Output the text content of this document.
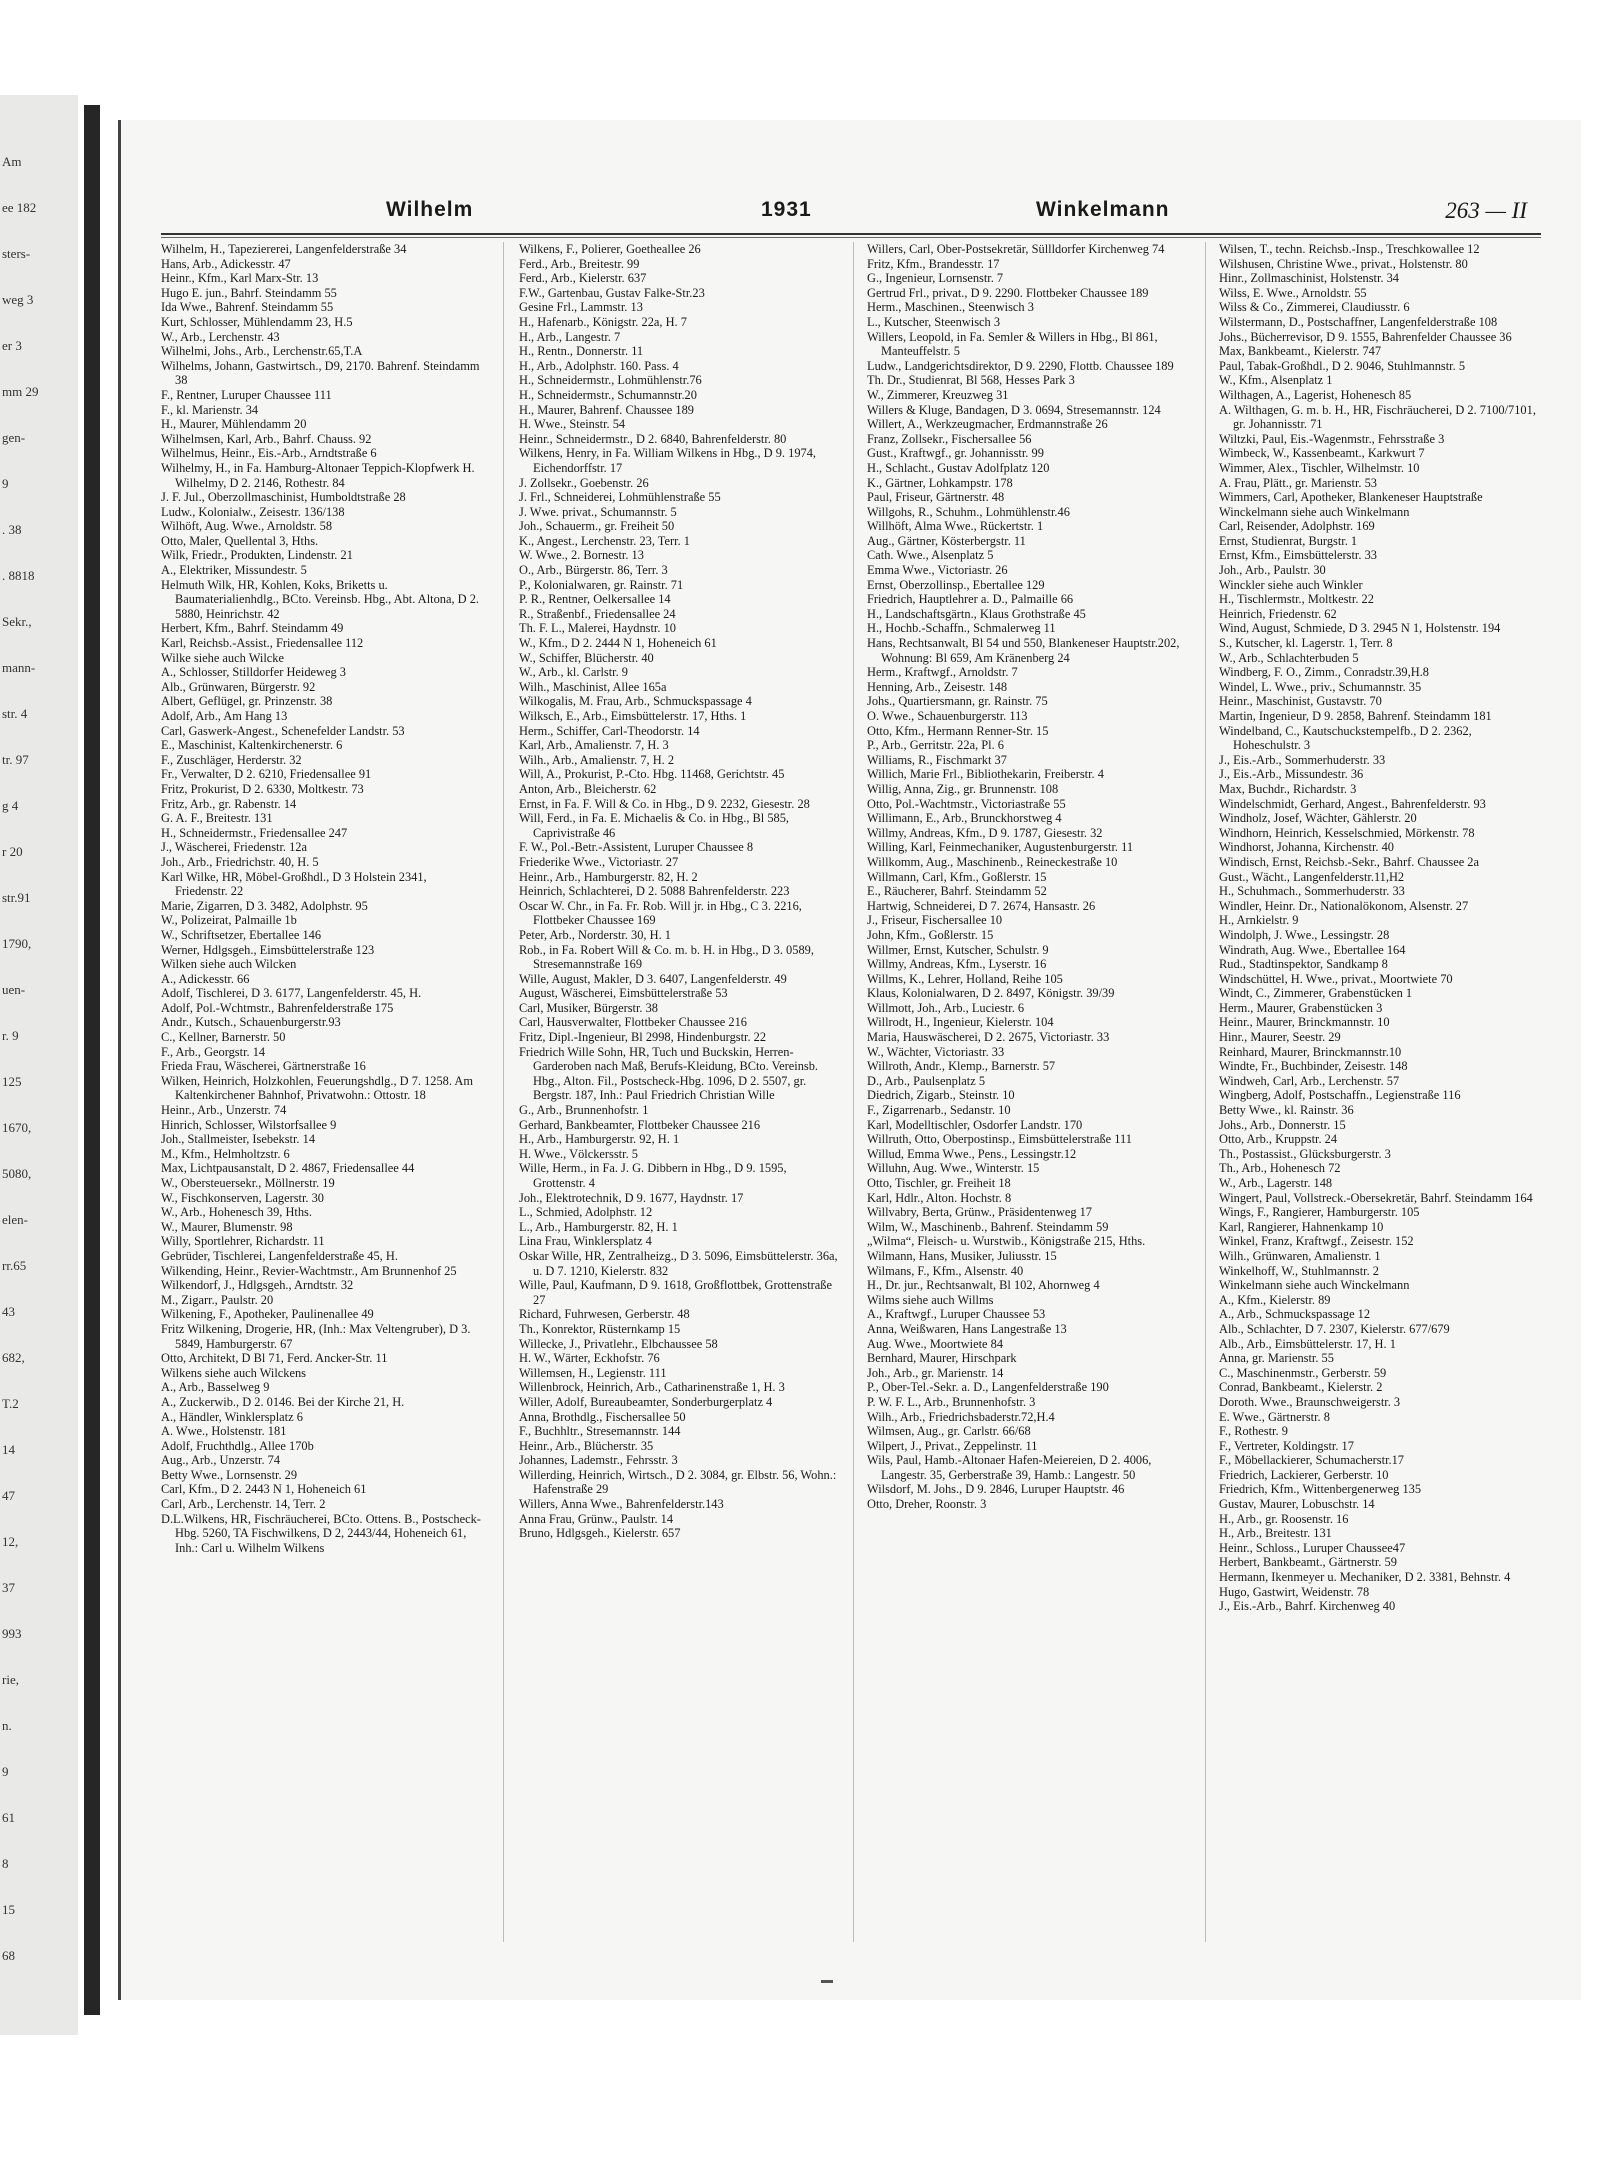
Am
ee 182
sters-
weg 3
er 3
mm 29
gen-
9
. 38
. 8818
Sekr.,
mann-
str. 4
tr. 97
g 4
r 20
str.91
1790,
uen-
r. 9
125
1670,
5080,
elen-
rr.65
43
682,
T.2
14
47
12,
37
993
rie,
n.
9
61
8
15
68
Wilhelm	1931	Winkelmann	263 — II

Wilhelm, H., Tapeziererei, Langenfelderstraße 34

Hans, Arb., Adickesstr. 47

Heinr., Kfm., Karl Marx-Str. 13

Hugo E. jun., Bahrf. Steindamm 55

Ida Wwe., Bahrenf. Steindamm 55

Kurt, Schlosser, Mühlendamm 23, H.5

W., Arb., Lerchenstr. 43

Wilhelmi, Johs., Arb., Lerchenstr.65,T.A

Wilhelms, Johann, Gastwirtsch., D9, 2170. Bahrenf. Steindamm 38

F., Rentner, Luruper Chaussee 111

F., kl. Marienstr. 34

H., Maurer, Mühlendamm 20

Wilhelmsen, Karl, Arb., Bahrf. Chauss. 92

Wilhelmus, Heinr., Eis.-Arb., Arndtstraße 6

Wilhelmy, H., in Fa. Hamburg-Altonaer Teppich-Klopfwerk H. Wilhelmy, D 2. 2146, Rothestr. 84

J. F. Jul., Oberzollmaschinist, Humboldtstraße 28

Ludw., Kolonialw., Zeisestr. 136/138

Wilhöft, Aug. Wwe., Arnoldstr. 58

Otto, Maler, Quellental 3, Hths.

Wilk, Friedr., Produkten, Lindenstr. 21

A., Elektriker, Missundestr. 5

Helmuth Wilk, HR, Kohlen, Koks, Briketts u. Baumaterialienhdlg., BCto. Vereinsb. Hbg., Abt. Altona, D 2. 5880, Heinrichstr. 42

Herbert, Kfm., Bahrf. Steindamm 49

Karl, Reichsb.-Assist., Friedensallee 112

Wilke siehe auch Wilcke

A., Schlosser, Stilldorfer Heideweg 3

Alb., Grünwaren, Bürgerstr. 92

Albert, Geflügel, gr. Prinzenstr. 38

Adolf, Arb., Am Hang 13

Carl, Gaswerk-Angest., Schenefelder Landstr. 53

E., Maschinist, Kaltenkirchenerstr. 6

F., Zuschläger, Herderstr. 32

Fr., Verwalter, D 2. 6210, Friedensallee 91

Fritz, Prokurist, D 2. 6330, Moltkestr. 73

Fritz, Arb., gr. Rabenstr. 14

G. A. F., Breitestr. 131

H., Schneidermstr., Friedensallee 247

J., Wäscherei, Friedenstr. 12a

Joh., Arb., Friedrichstr. 40, H. 5

Karl Wilke, HR, Möbel-Großhdl., D 3 Holstein 2341, Friedenstr. 22

Marie, Zigarren, D 3. 3482, Adolphstr. 95

W., Polizeirat, Palmaille 1b

W., Schriftsetzer, Ebertallee 146

Werner, Hdlgsgeh., Eimsbüttelerstraße 123

Wilken siehe auch Wilcken

A., Adickesstr. 66

Adolf, Tischlerei, D 3. 6177, Langenfelderstr. 45, H.

Adolf, Pol.-Wchtmstr., Bahrenfelderstraße 175

Andr., Kutsch., Schauenburgerstr.93

C., Kellner, Barnerstr. 50

F., Arb., Georgstr. 14

Frieda Frau, Wäscherei, Gärtnerstraße 16

Wilken, Heinrich, Holzkohlen, Feuerungshdlg., D 7. 1258. Am Kaltenkirchener Bahnhof, Privatwohn.: Ottostr. 18

Heinr., Arb., Unzerstr. 74

Hinrich, Schlosser, Wilstorfsallee 9

Joh., Stallmeister, Isebekstr. 14

M., Kfm., Helmholtzstr. 6

Max, Lichtpausanstalt, D 2. 4867, Friedensallee 44

W., Obersteuersekr., Möllnerstr. 19

W., Fischkonserven, Lagerstr. 30

W., Arb., Hohenesch 39, Hths.

W., Maurer, Blumenstr. 98

Willy, Sportlehrer, Richardstr. 11

Gebrüder, Tischlerei, Langenfelderstraße 45, H.

Wilkending, Heinr., Revier-Wachtmstr., Am Brunnenhof 25

Wilkendorf, J., Hdlgsgeh., Arndtstr. 32

M., Zigarr., Paulstr. 20

Wilkening, F., Apotheker, Paulinenallee 49

Fritz Wilkening, Drogerie, HR, (Inh.: Max Veltengruber), D 3. 5849, Hamburgerstr. 67

Otto, Architekt, D Bl 71, Ferd. Ancker-Str. 11

Wilkens siehe auch Wilckens

A., Arb., Basselweg 9

A., Zuckerwib., D 2. 0146. Bei der Kirche 21, H.

A., Händler, Winklersplatz 6

A. Wwe., Holstenstr. 181

Adolf, Fruchthdlg., Allee 170b

Aug., Arb., Unzerstr. 74

Betty Wwe., Lornsenstr. 29

Carl, Kfm., D 2. 2443 N 1, Hoheneich 61

Carl, Arb., Lerchenstr. 14, Terr. 2

D.L.Wilkens, HR, Fischräucherei, BCto. Ottens. B., Postscheck-Hbg. 5260, TA Fischwilkens, D 2, 2443/44, Hoheneich 61, Inh.: Carl u. Wilhelm Wilkens

Wilkens, F., Polierer, Goetheallee 26

Ferd., Arb., Breitestr. 99

Ferd., Arb., Kielerstr. 637

F.W., Gartenbau, Gustav Falke-Str.23

Gesine Frl., Lammstr. 13

H., Hafenarb., Königstr. 22a, H. 7

H., Arb., Langestr. 7

H., Rentn., Donnerstr. 11

H., Arb., Adolphstr. 160. Pass. 4

H., Schneidermstr., Lohmühlenstr.76

H., Schneidermstr., Schumannstr.20

H., Maurer, Bahrenf. Chaussee 189

H. Wwe., Steinstr. 54

Heinr., Schneidermstr., D 2. 6840, Bahrenfelderstr. 80

Wilkens, Henry, in Fa. William Wilkens in Hbg., D 9. 1974, Eichendorffstr. 17

J. Zollsekr., Goebenstr. 26

J. Frl., Schneiderei, Lohmühlenstraße 55

J. Wwe. privat., Schumannstr. 5

Joh., Schauerm., gr. Freiheit 50

K., Angest., Lerchenstr. 23, Terr. 1

W. Wwe., 2. Bornestr. 13

O., Arb., Bürgerstr. 86, Terr. 3

P., Kolonialwaren, gr. Rainstr. 71

P. R., Rentner, Oelkersallee 14

R., Straßenbf., Friedensallee 24

Th. F. L., Malerei, Haydnstr. 10

W., Kfm., D 2. 2444 N 1, Hoheneich 61

W., Schiffer, Blücherstr. 40

W., Arb., kl. Carlstr. 9

Wilh., Maschinist, Allee 165a

Wilkogalis, M. Frau, Arb., Schmuckspassage 4

Wilksch, E., Arb., Eimsbüttelerstr. 17, Hths. 1

Herm., Schiffer, Carl-Theodorstr. 14

Karl, Arb., Amalienstr. 7, H. 3

Wilh., Arb., Amalienstr. 7, H. 2

Will, A., Prokurist, P.-Cto. Hbg. 11468, Gerichtstr. 45

Anton, Arb., Bleicherstr. 62

Ernst, in Fa. F. Will & Co. in Hbg., D 9. 2232, Giesestr. 28

Will, Ferd., in Fa. E. Michaelis & Co. in Hbg., Bl 585, Caprivistraße 46

F. W., Pol.-Betr.-Assistent, Luruper Chaussee 8

Friederike Wwe., Victoriastr. 27

Heinr., Arb., Hamburgerstr. 82, H. 2

Heinrich, Schlachterei, D 2. 5088 Bahrenfelderstr. 223

Oscar W. Chr., in Fa. Fr. Rob. Will jr. in Hbg., C 3. 2216, Flottbeker Chaussee 169

Peter, Arb., Norderstr. 30, H. 1

Rob., in Fa. Robert Will & Co. m. b. H. in Hbg., D 3. 0589, Stresemannstraße 169

Wille, August, Makler, D 3. 6407, Langenfelderstr. 49

August, Wäscherei, Eimsbüttelerstraße 53

Carl, Musiker, Bürgerstr. 38

Carl, Hausverwalter, Flottbeker Chaussee 216

Fritz, Dipl.-Ingenieur, Bl 2998, Hindenburgstr. 22

Friedrich Wille Sohn, HR, Tuch und Buckskin, Herren-Garderoben nach Maß, Berufs-Kleidung, BCto. Vereinsb. Hbg., Alton. Fil., Postscheck-Hbg. 1096, D 2. 5507, gr. Bergstr. 187, Inh.: Paul Friedrich Christian Wille

G., Arb., Brunnenhofstr. 1

Gerhard, Bankbeamter, Flottbeker Chaussee 216

H., Arb., Hamburgerstr. 92, H. 1

H. Wwe., Völckersstr. 5

Wille, Herm., in Fa. J. G. Dibbern in Hbg., D 9. 1595, Grottenstr. 4

Joh., Elektrotechnik, D 9. 1677, Haydnstr. 17

L., Schmied, Adolphstr. 12

L., Arb., Hamburgerstr. 82, H. 1

Lina Frau, Winklersplatz 4

Oskar Wille, HR, Zentralheizg., D 3. 5096, Eimsbüttelerstr. 36a, u. D 7. 1210, Kielerstr. 832

Wille, Paul, Kaufmann, D 9. 1618, Großflottbek, Grottenstraße 27

Richard, Fuhrwesen, Gerberstr. 48

Th., Konrektor, Rüsternkamp 15

Willecke, J., Privatlehr., Elbchaussee 58

H. W., Wärter, Eckhofstr. 76

Willemsen, H., Legienstr. 111

Willenbrock, Heinrich, Arb., Catharinenstraße 1, H. 3

Willer, Adolf, Bureaubeamter, Sonderburgerplatz 4

Anna, Brothdlg., Fischersallee 50

F., Buchhltr., Stresemannstr. 144

Heinr., Arb., Blücherstr. 35

Johannes, Lademstr., Fehrsstr. 3

Willerding, Heinrich, Wirtsch., D 2. 3084, gr. Elbstr. 56, Wohn.: Hafenstraße 29

Willers, Anna Wwe., Bahrenfelderstr.143

Anna Frau, Grünw., Paulstr. 14

Bruno, Hdlgsgeh., Kielerstr. 657

Willers, Carl, Ober-Postsekretär, Süllldorfer Kirchenweg 74

Fritz, Kfm., Brandesstr. 17

G., Ingenieur, Lornsenstr. 7

Gertrud Frl., privat., D 9. 2290. Flottbeker Chaussee 189

Herm., Maschinen., Steenwisch 3

L., Kutscher, Steenwisch 3

Willers, Leopold, in Fa. Semler & Willers in Hbg., Bl 861, Manteuffelstr. 5

Ludw., Landgerichtsdirektor, D 9. 2290, Flottb. Chaussee 189

Th. Dr., Studienrat, Bl 568, Hesses Park 3

W., Zimmerer, Kreuzweg 31

Willers & Kluge, Bandagen, D 3. 0694, Stresemannstr. 124

Willert, A., Werkzeugmacher, Erdmannstraße 26

Franz, Zollsekr., Fischersallee 56

Gust., Kraftwgf., gr. Johannisstr. 99

H., Schlacht., Gustav Adolfplatz 120

K., Gärtner, Lohkampstr. 178

Paul, Friseur, Gärtnerstr. 48

Willgohs, R., Schuhm., Lohmühlenstr.46

Willhöft, Alma Wwe., Rückertstr. 1

Aug., Gärtner, Kösterbergstr. 11

Cath. Wwe., Alsenplatz 5

Emma Wwe., Victoriastr. 26

Ernst, Oberzollinsp., Ebertallee 129

Friedrich, Hauptlehrer a. D., Palmaille 66

H., Landschaftsgärtn., Klaus Grothstraße 45

H., Hochb.-Schaffn., Schmalerweg 11

Hans, Rechtsanwalt, Bl 54 und 550, Blankeneser Hauptstr.202, Wohnung: Bl 659, Am Kränenberg 24

Herm., Kraftwgf., Arnoldstr. 7

Henning, Arb., Zeisestr. 148

Johs., Quartiersmann, gr. Rainstr. 75

O. Wwe., Schauenburgerstr. 113

Otto, Kfm., Hermann Renner-Str. 15

P., Arb., Gerritstr. 22a, Pl. 6

Williams, R., Fischmarkt 37

Willich, Marie Frl., Bibliothekarin, Freiberstr. 4

Willig, Anna, Zig., gr. Brunnenstr. 108

Otto, Pol.-Wachtmstr., Victoriastraße 55

Willimann, E., Arb., Brunckhorstweg 4

Willmy, Andreas, Kfm., D 9. 1787, Giesestr. 32

Willing, Karl, Feinmechaniker, Augustenburgerstr. 11

Willkomm, Aug., Maschinenb., Reineckestraße 10

Willmann, Carl, Kfm., Goßlerstr. 15

E., Räucherer, Bahrf. Steindamm 52

Hartwig, Schneiderei, D 7. 2674, Hansastr. 26

J., Friseur, Fischersallee 10

John, Kfm., Goßlerstr. 15

Willmer, Ernst, Kutscher, Schulstr. 9

Willmy, Andreas, Kfm., Lyserstr. 16

Willms, K., Lehrer, Holland, Reihe 105

Klaus, Kolonialwaren, D 2. 8497, Königstr. 39/39

Willmott, Joh., Arb., Luciestr. 6

Willrodt, H., Ingenieur, Kielerstr. 104

Maria, Hauswäscherei, D 2. 2675, Victoriastr. 33

W., Wächter, Victoriastr. 33

Willroth, Andr., Klemp., Barnerstr. 57

D., Arb., Paulsenplatz 5

Diedrich, Zigarb., Steinstr. 10

F., Zigarrenarb., Sedanstr. 10

Karl, Modelltischler, Osdorfer Landstr. 170

Willruth, Otto, Oberpostinsp., Eimsbüttelerstraße 111

Willud, Emma Wwe., Pens., Lessingstr.12

Willuhn, Aug. Wwe., Winterstr. 15

Otto, Tischler, gr. Freiheit 18

Karl, Hdlr., Alton. Hochstr. 8

Willvabry, Berta, Grünw., Präsidentenweg 17

Wilm, W., Maschinenb., Bahrenf. Steindamm 59

„Wilma“, Fleisch- u. Wurstwib., Königstraße 215, Hths.

Wilmann, Hans, Musiker, Juliusstr. 15

Wilmans, F., Kfm., Alsenstr. 40

H., Dr. jur., Rechtsanwalt, Bl 102, Ahornweg 4

Wilms siehe auch Willms

A., Kraftwgf., Luruper Chaussee 53

Anna, Weißwaren, Hans Langestraße 13

Aug. Wwe., Moortwiete 84

Bernhard, Maurer, Hirschpark

Joh., Arb., gr. Marienstr. 14

P., Ober-Tel.-Sekr. a. D., Langenfelderstraße 190

P. W. F. L., Arb., Brunnenhofstr. 3

Wilh., Arb., Friedrichsbaderstr.72,H.4

Wilmsen, Aug., gr. Carlstr. 66/68

Wilpert, J., Privat., Zeppelinstr. 11

Wils, Paul, Hamb.-Altonaer Hafen-Meiereien, D 2. 4006, Langestr. 35, Gerberstraße 39, Hamb.: Langestr. 50

Wilsdorf, M. Johs., D 9. 2846, Luruper Hauptstr. 46

Otto, Dreher, Roonstr. 3

Wilsen, T., techn. Reichsb.-Insp., Treschkowallee 12

Wilshusen, Christine Wwe., privat., Holstenstr. 80

Hinr., Zollmaschinist, Holstenstr. 34

Wilss, E. Wwe., Arnoldstr. 55

Wilss & Co., Zimmerei, Claudiusstr. 6

Wilstermann, D., Postschaffner, Langenfelderstraße 108

Johs., Bücherrevisor, D 9. 1555, Bahrenfelder Chaussee 36

Max, Bankbeamt., Kielerstr. 747

Paul, Tabak-Großhdl., D 2. 9046, Stuhlmannstr. 5

W., Kfm., Alsenplatz 1

Wilthagen, A., Lagerist, Hohenesch 85

A. Wilthagen, G. m. b. H., HR, Fischräucherei, D 2. 7100/7101, gr. Johannisstr. 71

Wiltzki, Paul, Eis.-Wagenmstr., Fehrsstraße 3

Wimbeck, W., Kassenbeamt., Karkwurt 7

Wimmer, Alex., Tischler, Wilhelmstr. 10

A. Frau, Plätt., gr. Marienstr. 53

Wimmers, Carl, Apotheker, Blankeneser Hauptstraße

Winckelmann siehe auch Winkelmann

Carl, Reisender, Adolphstr. 169

Ernst, Studienrat, Burgstr. 1

Ernst, Kfm., Eimsbüttelerstr. 33

Joh., Arb., Paulstr. 30

Winckler siehe auch Winkler

H., Tischlermstr., Moltkestr. 22

Heinrich, Friedenstr. 62

Wind, August, Schmiede, D 3. 2945 N 1, Holstenstr. 194

S., Kutscher, kl. Lagerstr. 1, Terr. 8

W., Arb., Schlachterbuden 5

Windberg, F. O., Zimm., Conradstr.39,H.8

Windel, L. Wwe., priv., Schumannstr. 35

Heinr., Maschinist, Gustavstr. 70

Martin, Ingenieur, D 9. 2858, Bahrenf. Steindamm 181

Windelband, C., Kautschuckstempelfb., D 2. 2362, Hoheschulstr. 3

J., Eis.-Arb., Sommerhuderstr. 33

J., Eis.-Arb., Missundestr. 36

Max, Buchdr., Richardstr. 3

Windelschmidt, Gerhard, Angest., Bahrenfelderstr. 93

Windholz, Josef, Wächter, Gählerstr. 20

Windhorn, Heinrich, Kesselschmied, Mörkenstr. 78

Windhorst, Johanna, Kirchenstr. 40

Windisch, Ernst, Reichsb.-Sekr., Bahrf. Chaussee 2a

Gust., Wächt., Langenfelderstr.11,H2

H., Schuhmach., Sommerhuderstr. 33

Windler, Heinr. Dr., Nationalökonom, Alsenstr. 27

H., Arnkielstr. 9

Windolph, J. Wwe., Lessingstr. 28

Windrath, Aug. Wwe., Ebertallee 164

Rud., Stadtinspektor, Sandkamp 8

Windschüttel, H. Wwe., privat., Moortwiete 70

Windt, C., Zimmerer, Grabenstücken 1

Herm., Maurer, Grabenstücken 3

Heinr., Maurer, Brinckmannstr. 10

Hinr., Maurer, Seestr. 29

Reinhard, Maurer, Brinckmannstr.10

Windte, Fr., Buchbinder, Zeisestr. 148

Windweh, Carl, Arb., Lerchenstr. 57

Wingberg, Adolf, Postschaffn., Legienstraße 116

Betty Wwe., kl. Rainstr. 36

Johs., Arb., Donnerstr. 15

Otto, Arb., Kruppstr. 24

Th., Postassist., Glücksburgerstr. 3

Th., Arb., Hohenesch 72

W., Arb., Lagerstr. 148

Wingert, Paul, Vollstreck.-Obersekretär, Bahrf. Steindamm 164

Wings, F., Rangierer, Hamburgerstr. 105

Karl, Rangierer, Hahnenkamp 10

Winkel, Franz, Kraftwgf., Zeisestr. 152

Wilh., Grünwaren, Amalienstr. 1

Winkelhoff, W., Stuhlmannstr. 2

Winkelmann siehe auch Winckelmann

A., Kfm., Kielerstr. 89

A., Arb., Schmuckspassage 12

Alb., Schlachter, D 7. 2307, Kielerstr. 677/679

Alb., Arb., Eimsbüttelerstr. 17, H. 1

Anna, gr. Marienstr. 55

C., Maschinenmstr., Gerberstr. 59

Conrad, Bankbeamt., Kielerstr. 2

Doroth. Wwe., Braunschweigerstr. 3

E. Wwe., Gärtnerstr. 8

F., Rothestr. 9

F., Vertreter, Koldingstr. 17

F., Möbellackierer, Schumacherstr.17

Friedrich, Lackierer, Gerberstr. 10

Friedrich, Kfm., Wittenbergenerweg 135

Gustav, Maurer, Lobuschstr. 14

H., Arb., gr. Roosenstr. 16

H., Arb., Breitestr. 131

Heinr., Schloss., Luruper Chaussee47

Herbert, Bankbeamt., Gärtnerstr. 59

Hermann, Ikenmeyer u. Mechaniker, D 2. 3381, Behnstr. 4

Hugo, Gastwirt, Weidenstr. 78

J., Eis.-Arb., Bahrf. Kirchenweg 40
